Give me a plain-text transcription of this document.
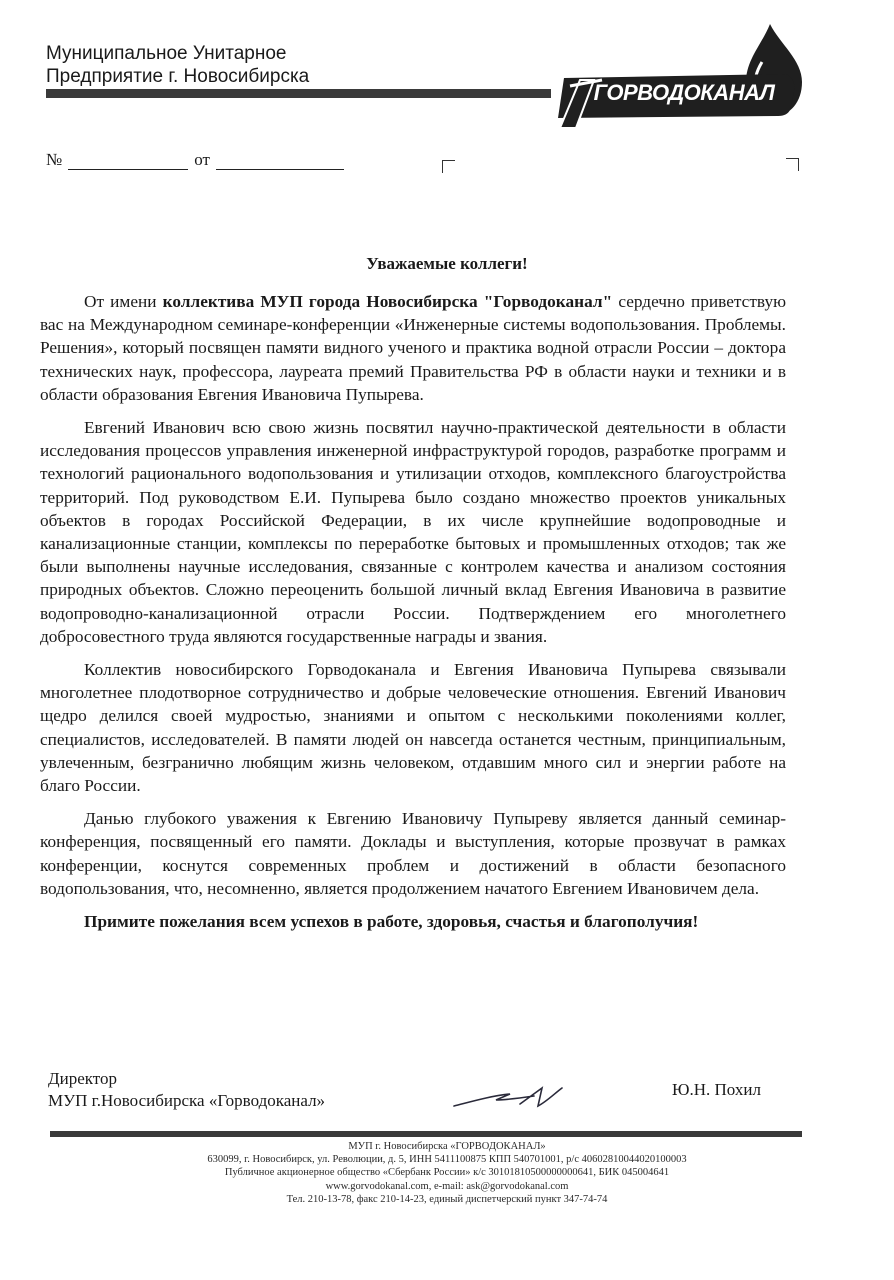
Муниципальное Унитарное
Предприятие г. Новосибирска
ГОРВОДОКАНАЛ
№	от
Уважаемые коллеги!

От имени коллектива МУП города Новосибирска "Горводоканал" сердечно приветствую вас на Международном семинаре-конференции «Инженерные системы водопользования. Проблемы. Решения», который посвящен памяти видного ученого и практика водной отрасли России – доктора технических наук, профессора, лауреата премий Правительства РФ в области науки и техники и в области образования Евгения Ивановича Пупырева.

Евгений Иванович всю свою жизнь посвятил научно-практической деятельности в области исследования процессов управления инженерной инфраструктурой городов, разработке программ и технологий рационального водопользования и утилизации отходов, комплексного благоустройства территорий. Под руководством Е.И. Пупырева было создано множество проектов уникальных объектов в городах Российской Федерации, в их числе крупнейшие водопроводные и канализационные станции, комплексы по переработке бытовых и промышленных отходов; так же были выполнены научные исследования, связанные с контролем качества и анализом состояния природных объектов. Сложно переоценить большой личный вклад Евгения Ивановича в развитие водопроводно-канализационной отрасли России. Подтверждением его многолетнего добросовестного труда являются государственные награды и звания.

Коллектив новосибирского Горводоканала и Евгения Ивановича Пупырева связывали многолетнее плодотворное сотрудничество и добрые человеческие отношения. Евгений Иванович щедро делился своей мудростью, знаниями и опытом с несколькими поколениями коллег, специалистов, исследователей. В памяти людей он навсегда останется честным, принципиальным, увлеченным, безгранично любящим жизнь человеком, отдавшим много сил и энергии работе на благо России.

Данью глубокого уважения к Евгению Ивановичу Пупыреву является данный семинар-конференция, посвященный его памяти. Доклады и выступления, которые прозвучат в рамках конференции, коснутся современных проблем и достижений в области безопасного водопользования, что, несомненно, является продолжением начатого Евгением Ивановичем дела.

Примите пожелания всем успехов в работе, здоровья, счастья и благополучия!

Директор
МУП г.Новосибирска «Горводоканал»
Ю.Н. Похил
МУП г. Новосибирска «ГОРВОДОКАНАЛ»
630099, г. Новосибирск, ул. Революции, д. 5, ИНН 5411100875 КПП 540701001, р/с 40602810044020100003
Публичное акционерное общество «Сбербанк России» к/с 30101810500000000641, БИК 045004641
www.gorvodokanal.com, e-mail: ask@gorvodokanal.com
Тел. 210-13-78, факс 210-14-23, единый диспетчерский пункт 347-74-74
